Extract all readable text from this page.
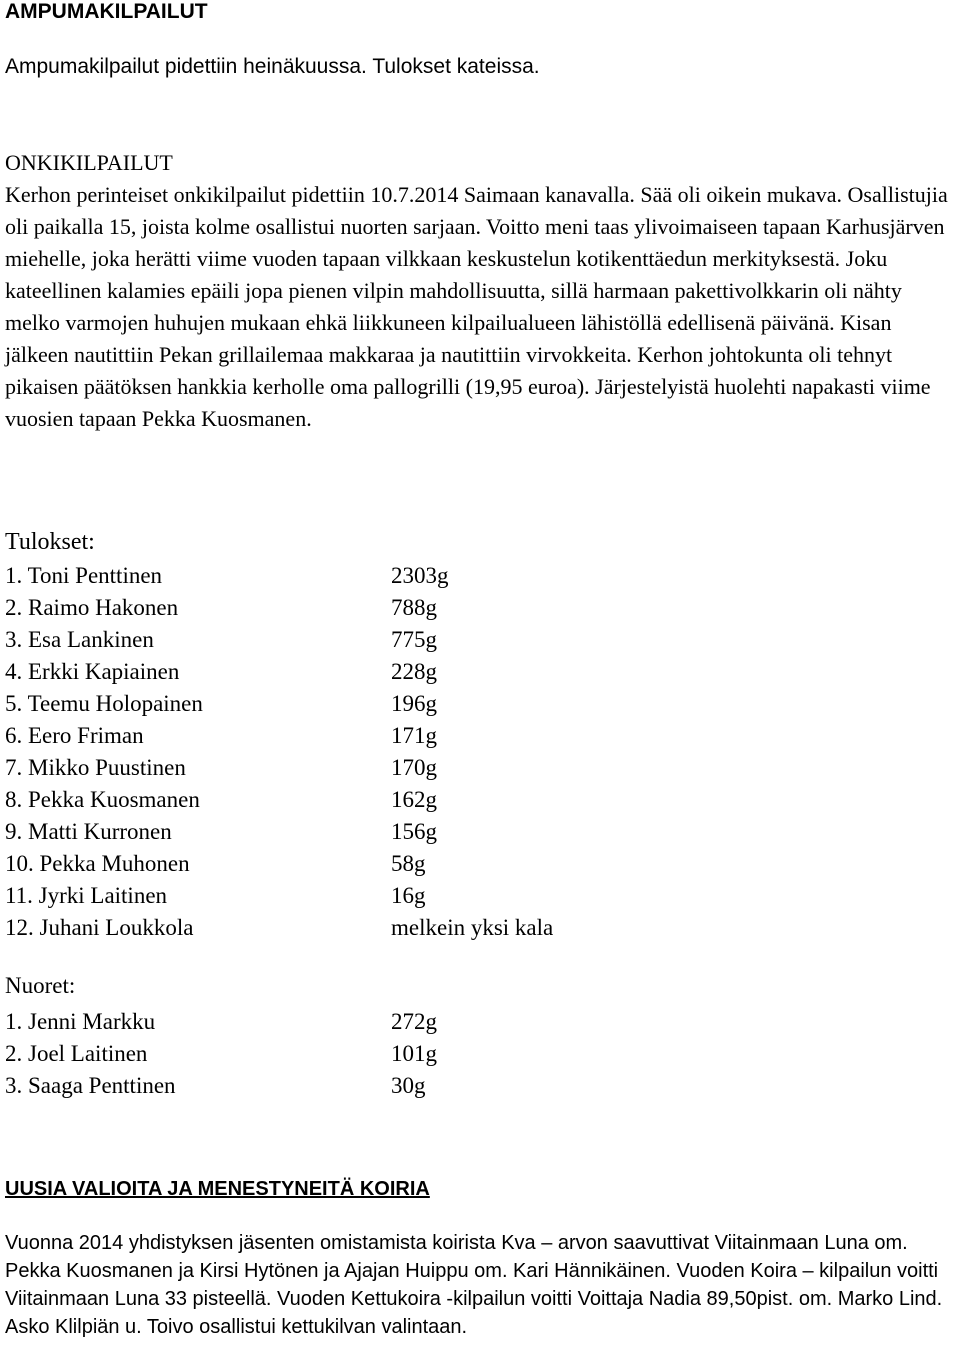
AMPUMAKILPAILUT
Ampumakilpailut pidettiin heinäkuussa. Tulokset kateissa.
ONKIKILPAILUT
Kerhon perinteiset onkikilpailut pidettiin 10.7.2014 Saimaan kanavalla. Sää oli oikein mukava. Osallistujia oli paikalla 15, joista kolme osallistui nuorten sarjaan. Voitto meni taas ylivoimaiseen tapaan Karhusjärven miehelle, joka herätti viime vuoden tapaan vilkkaan keskustelun kotikenttäedun merkityksestä. Joku kateellinen kalamies epäili jopa pienen vilpin mahdollisuutta, sillä harmaan pakettivolkkarin oli nähty melko varmojen huhujen mukaan ehkä liikkuneen kilpailualueen lähistöllä edellisenä päivänä. Kisan jälkeen nautittiin Pekan grillailemaa makkaraa ja nautittiin virvokkeita. Kerhon johtokunta oli tehnyt pikaisen päätöksen hankkia kerholle oma pallogrilli (19,95 euroa). Järjestelyistä huolehti napakasti viime vuosien tapaan Pekka Kuosmanen.
Tulokset:
1. Toni Penttinen	2303g
2. Raimo Hakonen	788g
3. Esa Lankinen	775g
4. Erkki Kapiainen	228g
5. Teemu Holopainen	196g
6. Eero Friman	171g
7. Mikko Puustinen	170g
8. Pekka Kuosmanen	162g
9. Matti Kurronen	156g
10. Pekka Muhonen	58g
11. Jyrki Laitinen	16g
12. Juhani Loukkola	melkein yksi kala
Nuoret:
1. Jenni Markku	272g
2. Joel Laitinen	101g
3. Saaga Penttinen	30g
UUSIA VALIOITA JA MENESTYNEITÄ KOIRIA
Vuonna 2014 yhdistyksen jäsenten omistamista koirista Kva – arvon saavuttivat Viitainmaan Luna om. Pekka Kuosmanen ja Kirsi Hytönen ja Ajajan Huippu om. Kari Hännikäinen. Vuoden Koira – kilpailun voitti Viitainmaan Luna 33 pisteellä. Vuoden Kettukoira -kilpailun voitti Voittaja Nadia 89,50pist. om. Marko Lind. Asko Klilpiän u. Toivo osallistui kettukilvan valintaan.
